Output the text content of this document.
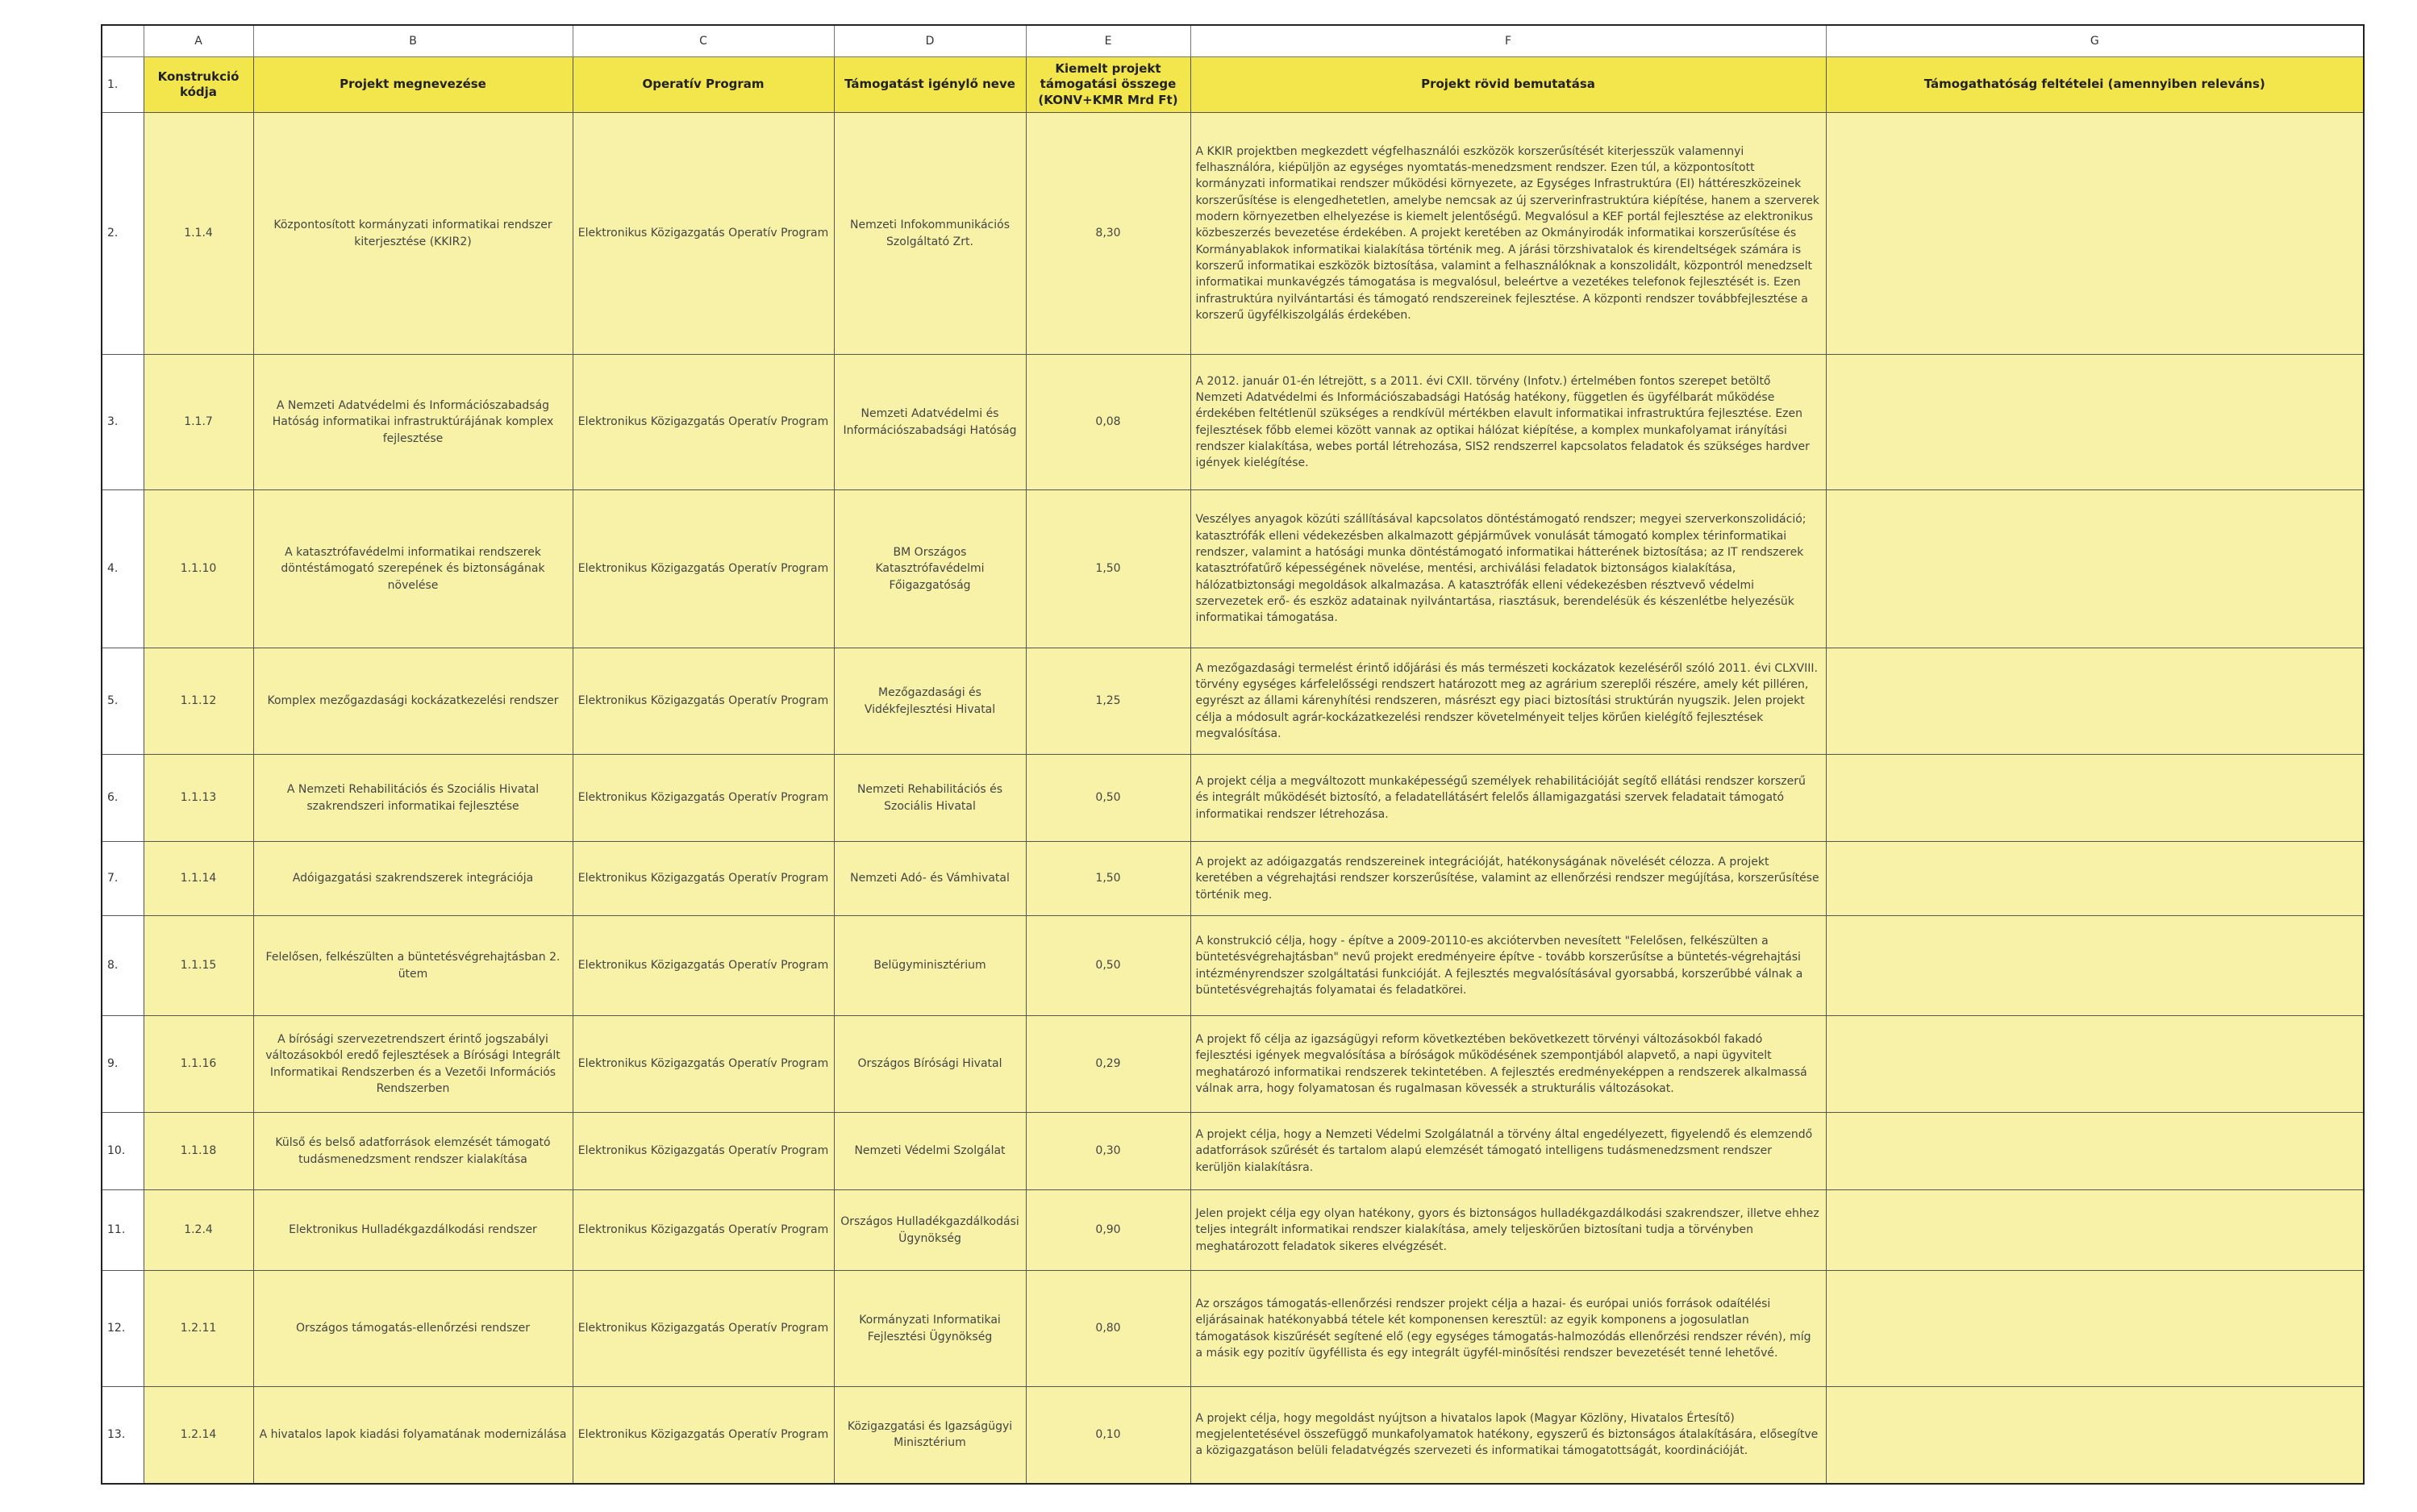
	A	B	C	D	E	F	G
1.	Konstrukció kódja	Projekt megnevezése	Operatív Program	Támogatást igénylő neve	Kiemelt projekt támogatási összege (KONV+KMR Mrd Ft)	Projekt rövid bemutatása	Támogathatóság feltételei (amennyiben releváns)
2.	1.1.4	Központosított kormányzati informatikai rendszer kiterjesztése (KKIR2)	Elektronikus Közigazgatás Operatív Program	Nemzeti Infokommunikációs Szolgáltató Zrt.	8,30	A KKIR projektben megkezdett végfelhasználói eszközök korszerűsítését kiterjesszük valamennyi felhasználóra, kiépüljön az egységes nyomtatás-menedzsment rendszer. Ezen túl, a központosított kormányzati informatikai rendszer működési környezete, az Egységes Infrastruktúra (EI) háttéreszközeinek korszerűsítése is elengedhetetlen, amelybe nemcsak az új szerverinfrastruktúra kiépítése, hanem a szerverek modern környezetben elhelyezése is kiemelt jelentőségű. Megvalósul a KEF portál fejlesztése az elektronikus közbeszerzés bevezetése érdekében. A projekt keretében az Okmányirodák informatikai korszerűsítése és Kormányablakok informatikai kialakítása történik meg. A járási törzshivatalok és kirendeltségek számára is korszerű informatikai eszközök biztosítása, valamint a felhasználóknak a konszolidált, központról menedzselt informatikai munkavégzés támogatása is megvalósul, beleértve a vezetékes telefonok fejlesztését is. Ezen infrastruktúra nyilvántartási és támogató rendszereinek fejlesztése. A központi rendszer továbbfejlesztése a korszerű ügyfélkiszolgálás érdekében.	
3.	1.1.7	A Nemzeti Adatvédelmi és Információszabadság Hatóság informatikai infrastruktúrájának komplex fejlesztése	Elektronikus Közigazgatás Operatív Program	Nemzeti Adatvédelmi és Információszabadsági Hatóság	0,08	A 2012. január 01-én létrejött, s a 2011. évi CXII. törvény (Infotv.) értelmében fontos szerepet betöltő Nemzeti Adatvédelmi és Információszabadsági Hatóság hatékony, független és ügyfélbarát működése érdekében feltétlenül szükséges a rendkívül mértékben elavult informatikai infrastruktúra fejlesztése. Ezen fejlesztések főbb elemei között vannak az optikai hálózat kiépítése, a komplex munkafolyamat irányítási rendszer kialakítása, webes portál létrehozása, SIS2 rendszerrel kapcsolatos feladatok és szükséges hardver igények kielégítése.	
4.	1.1.10	A katasztrófavédelmi informatikai rendszerek döntéstámogató szerepének és biztonságának növelése	Elektronikus Közigazgatás Operatív Program	BM Országos Katasztrófavédelmi Főigazgatóság	1,50	Veszélyes anyagok közúti szállításával kapcsolatos döntéstámogató rendszer; megyei szerverkonszolidáció; katasztrófák elleni védekezésben alkalmazott gépjárművek vonulását támogató komplex térinformatikai rendszer, valamint a hatósági munka döntéstámogató informatikai hátterének biztosítása; az IT rendszerek katasztrófatűrő képességének növelése, mentési, archiválási feladatok biztonságos kialakítása, hálózatbiztonsági megoldások alkalmazása. A katasztrófák elleni védekezésben résztvevő védelmi szervezetek erő- és eszköz adatainak nyilvántartása, riasztásuk, berendelésük és készenlétbe helyezésük informatikai támogatása.	
5.	1.1.12	Komplex mezőgazdasági kockázatkezelési rendszer	Elektronikus Közigazgatás Operatív Program	Mezőgazdasági és Vidékfejlesztési Hivatal	1,25	A mezőgazdasági termelést érintő időjárási és más természeti kockázatok kezeléséről szóló 2011. évi CLXVIII. törvény egységes kárfelelősségi rendszert határozott meg az agrárium szereplői részére, amely két pilléren, egyrészt az állami kárenyhítési rendszeren, másrészt egy piaci biztosítási struktúrán nyugszik. Jelen projekt célja a módosult agrár-kockázatkezelési rendszer követelményeit teljes körűen kielégítő fejlesztések megvalósítása.	
6.	1.1.13	A Nemzeti Rehabilitációs és Szociális Hivatal szakrendszeri informatikai fejlesztése	Elektronikus Közigazgatás Operatív Program	Nemzeti Rehabilitációs és Szociális Hivatal	0,50	A projekt célja a megváltozott munkaképességű személyek rehabilitációját segítő ellátási rendszer korszerű és integrált működését biztosító, a feladatellátásért felelős államigazgatási szervek feladatait támogató informatikai rendszer létrehozása.	
7.	1.1.14	Adóigazgatási szakrendszerek integrációja	Elektronikus Közigazgatás Operatív Program	Nemzeti Adó- és Vámhivatal	1,50	A projekt az adóigazgatás rendszereinek integrációját, hatékonyságának növelését célozza. A projekt keretében a végrehajtási rendszer korszerűsítése, valamint az ellenőrzési rendszer megújítása, korszerűsítése történik meg.	
8.	1.1.15	Felelősen, felkészülten a büntetésvégrehajtásban 2. ütem	Elektronikus Közigazgatás Operatív Program	Belügyminisztérium	0,50	A konstrukció célja, hogy - építve a 2009-20110-es akciótervben nevesített "Felelősen, felkészülten a büntetésvégrehajtásban" nevű projekt eredményeire építve - tovább korszerűsítse a büntetés-végrehajtási intézményrendszer szolgáltatási funkcióját. A fejlesztés megvalósításával gyorsabbá, korszerűbbé válnak a büntetésvégrehajtás folyamatai és feladatkörei.	
9.	1.1.16	A bírósági szervezetrendszert érintő jogszabályi változásokból eredő fejlesztések a Bírósági Integrált Informatikai Rendszerben és a Vezetői Információs Rendszerben	Elektronikus Közigazgatás Operatív Program	Országos Bírósági Hivatal	0,29	A projekt fő célja az igazságügyi reform következtében bekövetkezett törvényi változásokból fakadó fejlesztési igények megvalósítása a bíróságok működésének szempontjából alapvető, a napi ügyvitelt meghatározó informatikai rendszerek tekintetében. A fejlesztés eredményeképpen a rendszerek alkalmassá válnak arra, hogy folyamatosan és rugalmasan kövessék a strukturális változásokat.	
10.	1.1.18	Külső és belső adatforrások elemzését támogató tudásmenedzsment rendszer kialakítása	Elektronikus Közigazgatás Operatív Program	Nemzeti Védelmi Szolgálat	0,30	A projekt célja, hogy a Nemzeti Védelmi Szolgálatnál a törvény által engedélyezett, figyelendő és elemzendő adatforrások szűrését és tartalom alapú elemzését támogató intelligens tudásmenedzsment rendszer kerüljön kialakításra.	
11.	1.2.4	Elektronikus Hulladékgazdálkodási rendszer	Elektronikus Közigazgatás Operatív Program	Országos Hulladékgazdálkodási Ügynökség	0,90	Jelen projekt célja egy olyan hatékony, gyors és biztonságos hulladékgazdálkodási szakrendszer, illetve ehhez teljes integrált informatikai rendszer kialakítása, amely teljeskörűen biztosítani tudja a törvényben meghatározott feladatok sikeres elvégzését.	
12.	1.2.11	Országos támogatás-ellenőrzési rendszer	Elektronikus Közigazgatás Operatív Program	Kormányzati Informatikai Fejlesztési Ügynökség	0,80	Az országos támogatás-ellenőrzési rendszer projekt célja a hazai- és európai uniós források odaítélési eljárásainak hatékonyabbá tétele két komponensen keresztül: az egyik komponens a jogosulatlan támogatások kiszűrését segítené elő (egy egységes támogatás-halmozódás ellenőrzési rendszer révén), míg a másik egy pozitív ügyféllista és egy integrált ügyfél-minősítési rendszer bevezetését tenné lehetővé.	
13.	1.2.14	A hivatalos lapok kiadási folyamatának modernizálása	Elektronikus Közigazgatás Operatív Program	Közigazgatási és Igazságügyi Minisztérium	0,10	A projekt célja, hogy megoldást nyújtson a hivatalos lapok (Magyar Közlöny, Hivatalos Értesítő) megjelentetésével összefüggő munkafolyamatok hatékony, egyszerű és biztonságos átalakítására, elősegítve a közigazgatáson belüli feladatvégzés szervezeti és informatikai támogatottságát, koordinációját.	
